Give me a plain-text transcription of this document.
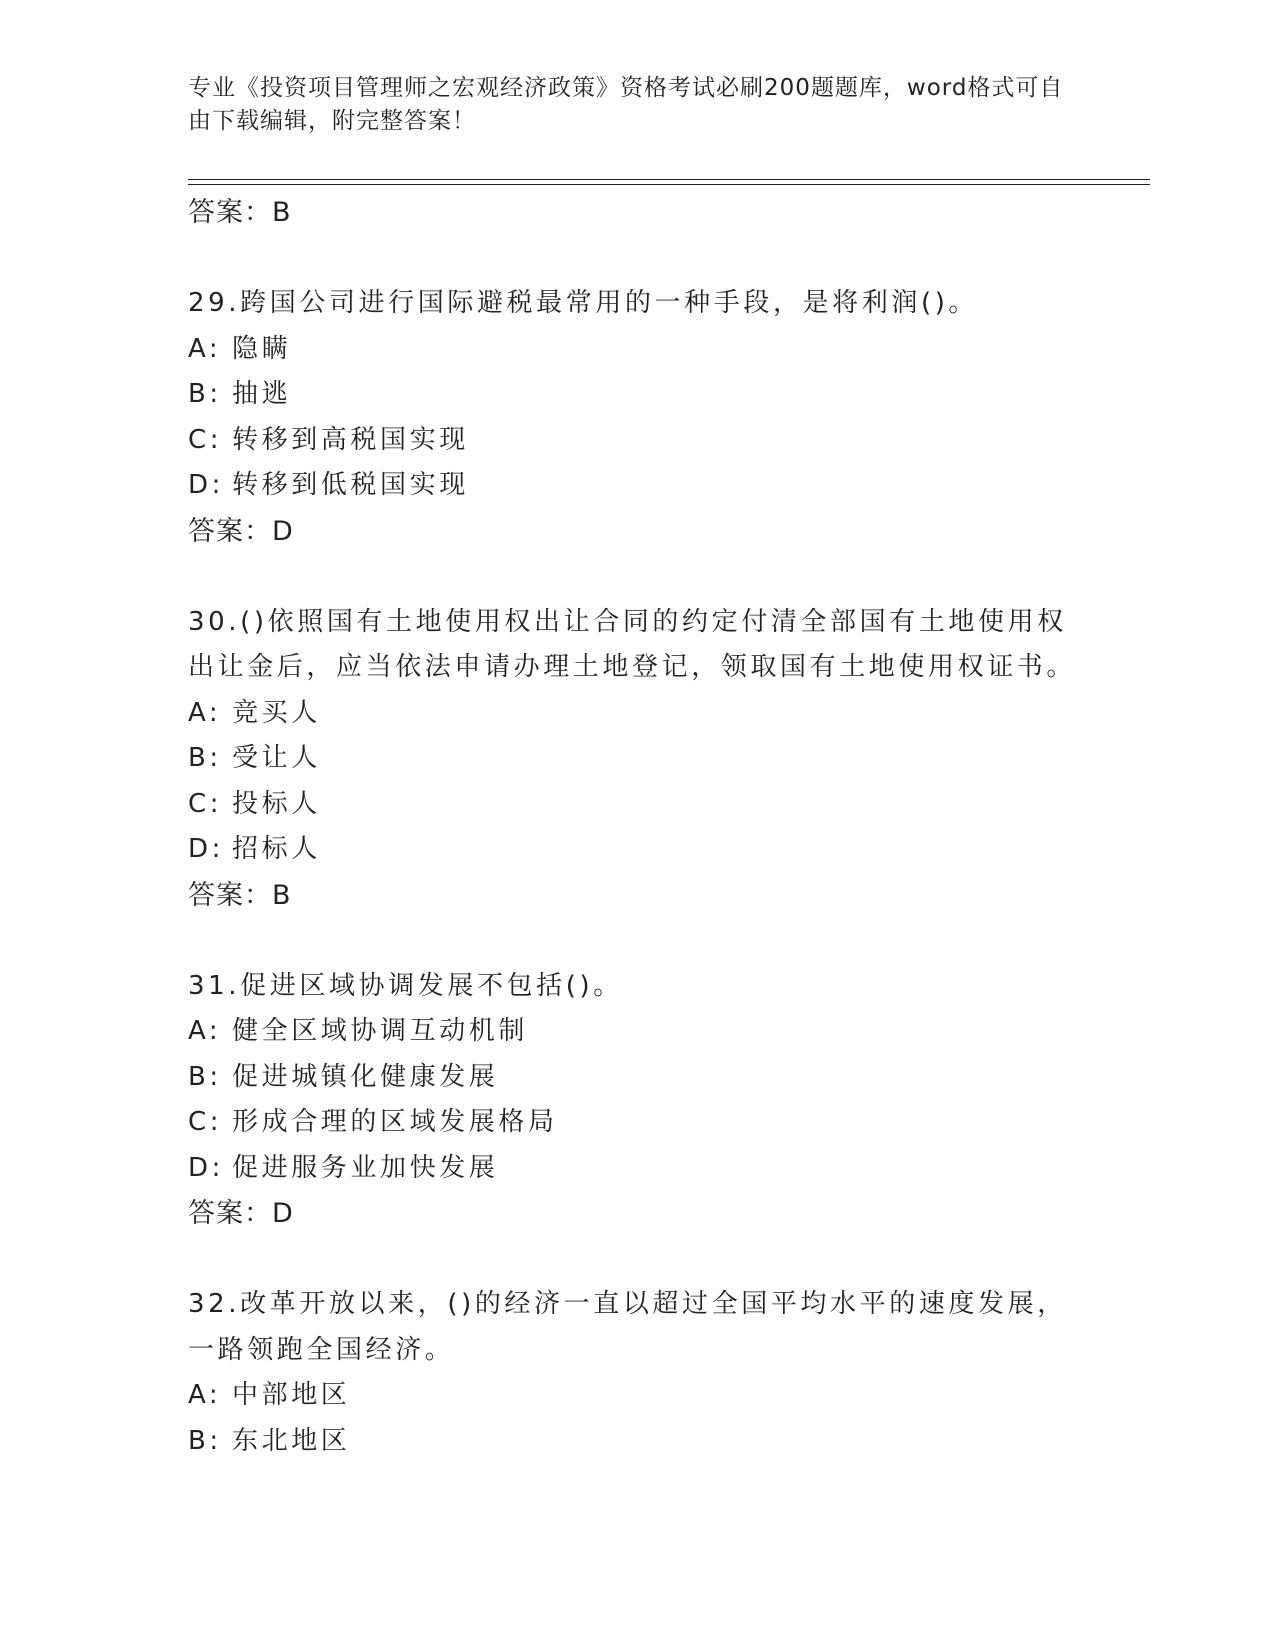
专业《投资项目管理师之宏观经济政策》资格考试必刷200题题库，word格式可自由下载编辑，附完整答案！
答案：B
29.跨国公司进行国际避税最常用的一种手段，是将利润()。
A: 隐瞒
B: 抽逃
C: 转移到高税国实现
D: 转移到低税国实现
答案：D
30.()依照国有土地使用权出让合同的约定付清全部国有土地使用权出让金后，应当依法申请办理土地登记，领取国有土地使用权证书。
A: 竞买人
B: 受让人
C: 投标人
D: 招标人
答案：B
31.促进区域协调发展不包括()。
A: 健全区域协调互动机制
B: 促进城镇化健康发展
C: 形成合理的区域发展格局
D: 促进服务业加快发展
答案：D
32.改革开放以来，()的经济一直以超过全国平均水平的速度发展，一路领跑全国经济。
A: 中部地区
B: 东北地区
